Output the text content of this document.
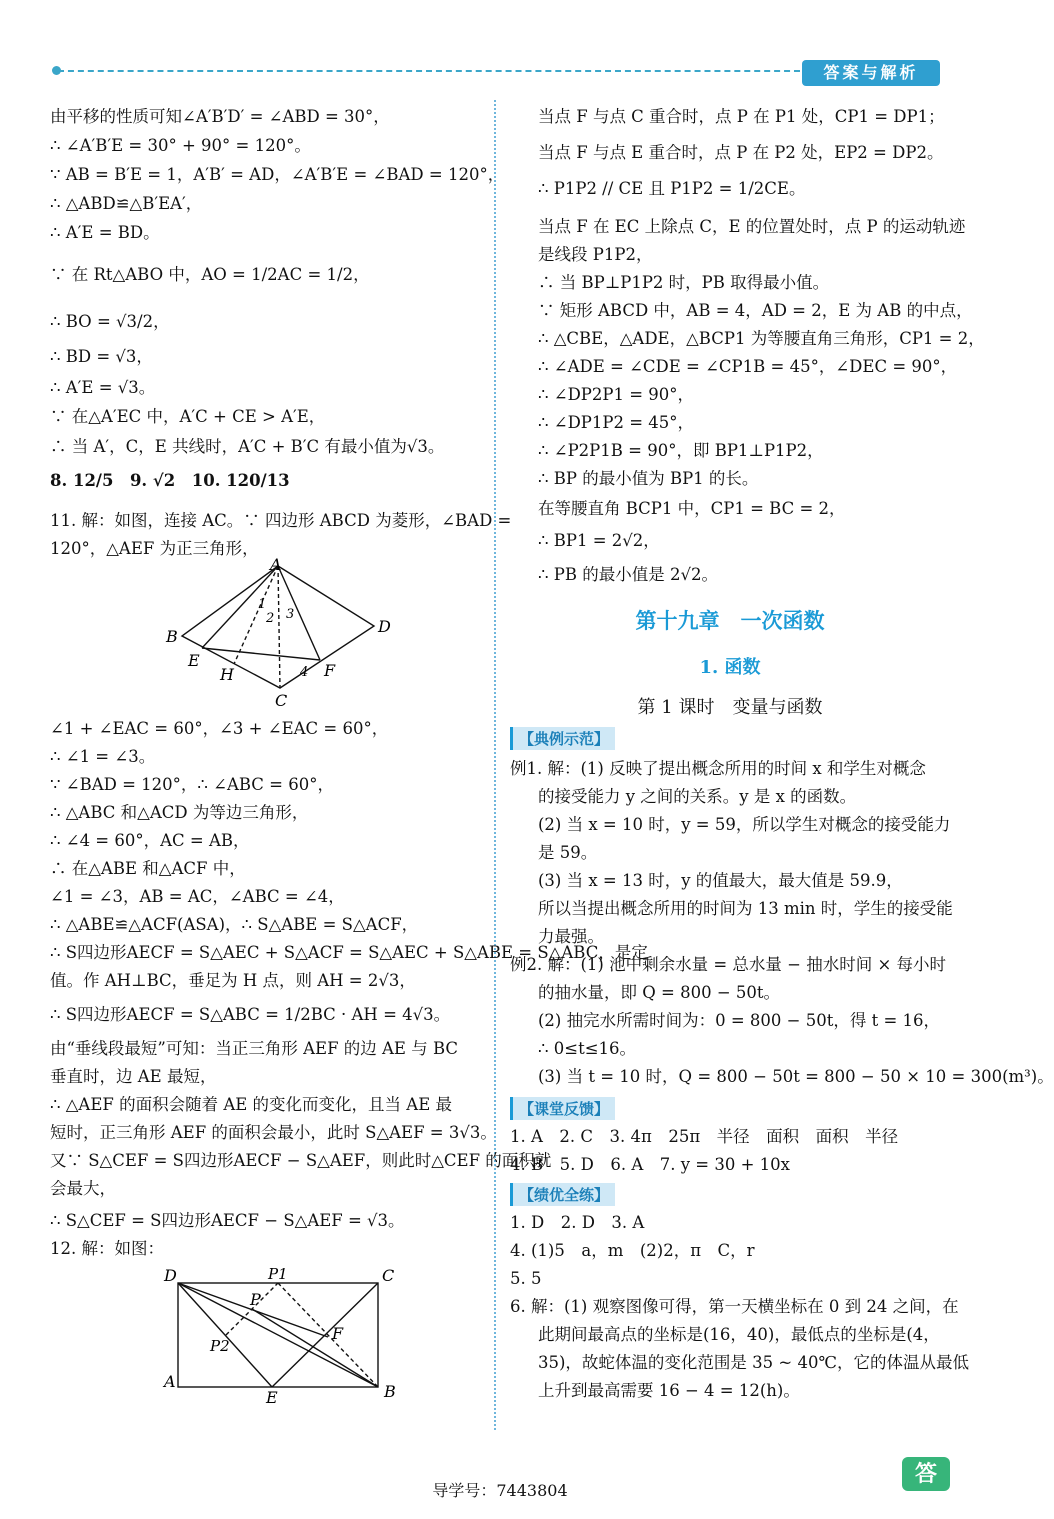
答案与解析
由平移的性质可知∠A′B′D′ = ∠ABD = 30°，
∴ ∠A′B′E = 30° + 90° = 120°。
∵ AB = B′E = 1，A′B′ = AD，∠A′B′E = ∠BAD = 120°，
∴ △ABD≌△B′EA′，
∴ A′E = BD。
∵ 在 Rt△ABO 中，AO = 1/2AC = 1/2，
∴ BO = √3/2，
∴ BD = √3，
∴ A′E = √3。
∵ 在△A′EC 中，A′C + CE > A′E，
∴ 当 A′，C，E 共线时，A′C + B′C 有最小值为√3。
8. 12/5　9. √2　10. 120/13
11. 解：如图，连接 AC。∵ 四边形 ABCD 为菱形，∠BAD =
120°，△AEF 为正三角形，
A
B
C
D
E
F
H
1
2 3
4
∠1 + ∠EAC = 60°，∠3 + ∠EAC = 60°，
∴ ∠1 = ∠3。
∵ ∠BAD = 120°，∴ ∠ABC = 60°，
∴ △ABC 和△ACD 为等边三角形，
∴ ∠4 = 60°，AC = AB，
∴ 在△ABE 和△ACF 中，
∠1 = ∠3，AB = AC，∠ABC = ∠4，
∴ △ABE≌△ACF(ASA)，∴ S△ABE = S△ACF，
∴ S四边形AECF = S△AEC + S△ACF = S△AEC + S△ABE = S△ABC，是定
值。作 AH⊥BC，垂足为 H 点，则 AH = 2√3，
∴ S四边形AECF = S△ABC = 1/2BC · AH = 4√3。
由“垂线段最短”可知：当正三角形 AEF 的边 AE 与 BC
垂直时，边 AE 最短，
∴ △AEF 的面积会随着 AE 的变化而变化，且当 AE 最
短时，正三角形 AEF 的面积会最小，此时 S△AEF = 3√3。
又∵ S△CEF = S四边形AECF − S△AEF，则此时△CEF 的面积就
会最大，
∴ S△CEF = S四边形AECF − S△AEF = √3。
12. 解：如图：
A
B
C
D
E
F
P
P1
P2
当点 F 与点 C 重合时，点 P 在 P1 处，CP1 = DP1；
当点 F 与点 E 重合时，点 P 在 P2 处，EP2 = DP2。
∴ P1P2 // CE 且 P1P2 = 1/2CE。
当点 F 在 EC 上除点 C，E 的位置处时，点 P 的运动轨迹
是线段 P1P2，
∴ 当 BP⊥P1P2 时，PB 取得最小值。
∵ 矩形 ABCD 中，AB = 4，AD = 2，E 为 AB 的中点，
∴ △CBE，△ADE，△BCP1 为等腰直角三角形，CP1 = 2，
∴ ∠ADE = ∠CDE = ∠CP1B = 45°，∠DEC = 90°，
∴ ∠DP2P1 = 90°，
∴ ∠DP1P2 = 45°，
∴ ∠P2P1B = 90°，即 BP1⊥P1P2，
∴ BP 的最小值为 BP1 的长。
在等腰直角 BCP1 中，CP1 = BC = 2，
∴ BP1 = 2√2，
∴ PB 的最小值是 2√2。
第十九章　一次函数
1. 函数
第 1 课时　变量与函数
【典例示范】
例1. 解：(1) 反映了提出概念所用的时间 x 和学生对概念
的接受能力 y 之间的关系。y 是 x 的函数。
(2) 当 x = 10 时，y = 59，所以学生对概念的接受能力
是 59。
(3) 当 x = 13 时，y 的值最大，最大值是 59.9，
所以当提出概念所用的时间为 13 min 时，学生的接受能
力最强。
例2. 解：(1) 池中剩余水量 = 总水量 − 抽水时间 × 每小时
的抽水量，即 Q = 800 − 50t。
(2) 抽完水所需时间为：0 = 800 − 50t，得 t = 16，
∴ 0≤t≤16。
(3) 当 t = 10 时，Q = 800 − 50t = 800 − 50 × 10 = 300(m³)。
【课堂反馈】
1. A　2. C　3. 4π　25π　半径　面积　面积　半径
4. B　5. D　6. A　7. y = 30 + 10x
【绩优全练】
1. D　2. D　3. A
4. (1)5　a，m　(2)2，π　C，r
5. 5
6. 解：(1) 观察图像可得，第一天横坐标在 0 到 24 之间，在
此期间最高点的坐标是(16，40)，最低点的坐标是(4，
35)，故蛇体温的变化范围是 35 ~ 40℃，它的体温从最低
上升到最高需要 16 − 4 = 12(h)。
导学号：7443804
答
